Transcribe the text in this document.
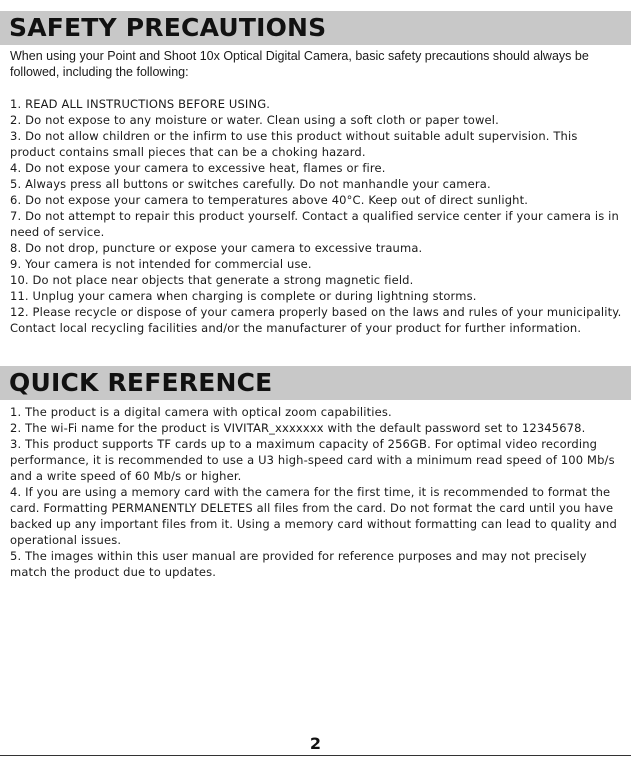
SAFETY PRECAUTIONS

When using your Point and Shoot 10x Optical Digital Camera, basic safety precautions should always be followed, including the following:

1. READ ALL INSTRUCTIONS BEFORE USING.
2. Do not expose to any moisture or water. Clean using a soft cloth or paper towel.
3. Do not allow children or the infirm to use this product without suitable adult supervision. This product contains small pieces that can be a choking hazard.
4. Do not expose your camera to excessive heat, flames or fire.
5. Always press all buttons or switches carefully. Do not manhandle your camera.
6. Do not expose your camera to temperatures above 40°C. Keep out of direct sunlight.
7. Do not attempt to repair this product yourself. Contact a qualified service center if your camera is in need of service.
8. Do not drop, puncture or expose your camera to excessive trauma.
9. Your camera is not intended for commercial use.
10. Do not place near objects that generate a strong magnetic field.
11. Unplug your camera when charging is complete or during lightning storms.
12. Please recycle or dispose of your camera properly based on the laws and rules of your municipality. Contact local recycling facilities and/or the manufacturer of your product for further information.
QUICK REFERENCE
1. The product is a digital camera with optical zoom capabilities.
2. The wi-Fi name for the product is VIVITAR_xxxxxxx with the default password set to 12345678.
3. This product supports TF cards up to a maximum capacity of 256GB. For optimal video recording performance, it is recommended to use a U3 high-speed card with a minimum read speed of 100 Mb/s and a write speed of 60 Mb/s or higher.
4. If you are using a memory card with the camera for the first time, it is recommended to format the card. Formatting PERMANENTLY DELETES all files from the card. Do not format the card until you have backed up any important files from it. Using a memory card without formatting can lead to quality and operational issues.
5. The images within this user manual are provided for reference purposes and may not precisely match the product due to updates.
2
